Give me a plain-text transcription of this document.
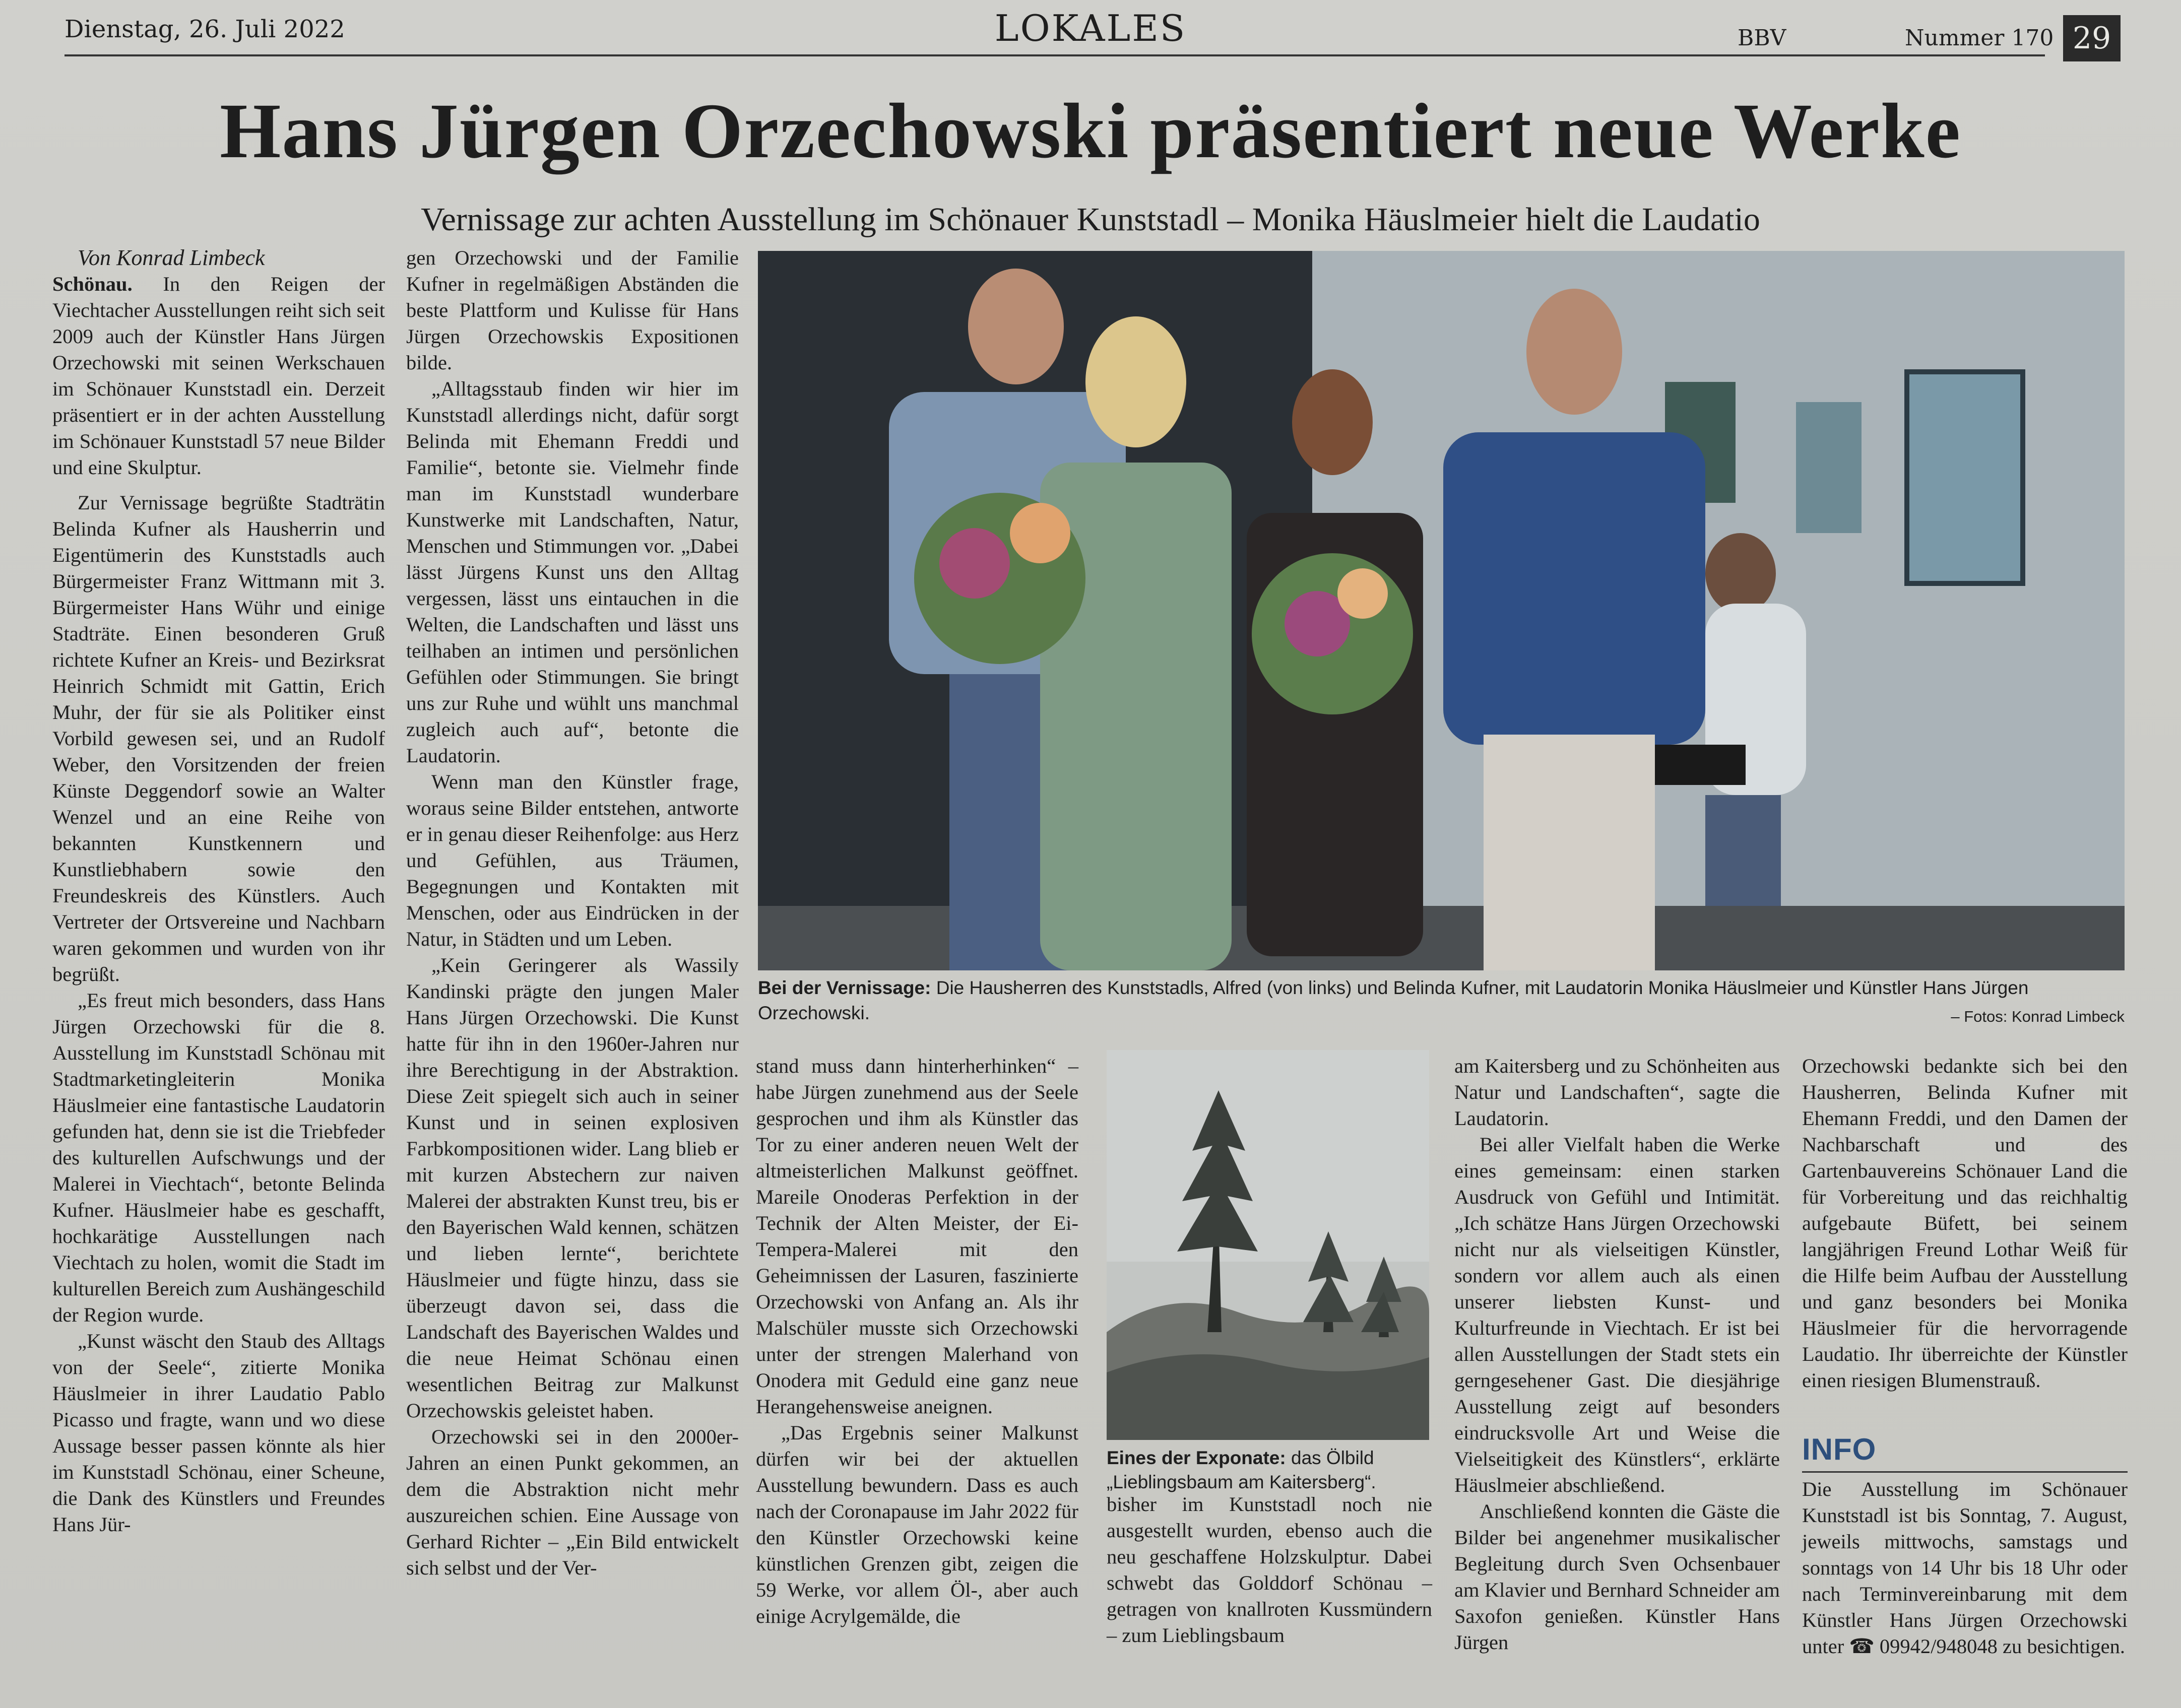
Dienstag, 26. Juli 2022	LOKALES	BBV	Nummer 170 29
Hans Jürgen Orzechowski präsentiert neue Werke
Vernissage zur achten Ausstellung im Schönauer Kunststadl – Monika Häuslmeier hielt die Laudatio

Von Konrad Limbeck

Schönau. In den Reigen der Viechtacher Ausstellungen reiht sich seit 2009 auch der Künstler Hans Jürgen Orzechowski mit seinen Werkschauen im Schönauer Kunststadl ein. Derzeit präsentiert er in der achten Ausstellung im Schönauer Kunststadl 57 neue Bilder und eine Skulptur.

Zur Vernissage begrüßte Stadträtin Belinda Kufner als Hausherrin und Eigentümerin des Kunststadls auch Bürgermeister Franz Wittmann mit 3. Bürgermeister Hans Wühr und einige Stadträte. Einen besonderen Gruß richtete Kufner an Kreis- und Bezirksrat Heinrich Schmidt mit Gattin, Erich Muhr, der für sie als Politiker einst Vorbild gewesen sei, und an Rudolf Weber, den Vorsitzenden der freien Künste Deggendorf sowie an Walter Wenzel und an eine Reihe von bekannten Kunstkennern und Kunstliebhabern sowie den Freundeskreis des Künstlers. Auch Vertreter der Ortsvereine und Nachbarn waren gekommen und wurden von ihr begrüßt.

„Es freut mich besonders, dass Hans Jürgen Orzechowski für die 8. Ausstellung im Kunststadl Schönau mit Stadtmarketingleiterin Monika Häuslmeier eine fantastische Laudatorin gefunden hat, denn sie ist die Triebfeder des kulturellen Aufschwungs und der Malerei in Viechtach“, betonte Belinda Kufner. Häuslmeier habe es geschafft, hochkarätige Ausstellungen nach Viechtach zu holen, womit die Stadt im kulturellen Bereich zum Aushängeschild der Region wurde.

„Kunst wäscht den Staub des Alltags von der Seele“, zitierte Monika Häuslmeier in ihrer Laudatio Pablo Picasso und fragte, wann und wo diese Aussage besser passen könnte als hier im Kunststadl Schönau, einer Scheune, die Dank des Künstlers und Freundes Hans Jür-

gen Orzechowski und der Familie Kufner in regelmäßigen Abständen die beste Plattform und Kulisse für Hans Jürgen Orzechowskis Expositionen bilde.

„Alltagsstaub finden wir hier im Kunststadl allerdings nicht, dafür sorgt Belinda mit Ehemann Freddi und Familie“, betonte sie. Vielmehr finde man im Kunststadl wunderbare Kunstwerke mit Landschaften, Natur, Menschen und Stimmungen vor. „Dabei lässt Jürgens Kunst uns den Alltag vergessen, lässt uns eintauchen in die Welten, die Landschaften und lässt uns teilhaben an intimen und persönlichen Gefühlen oder Stimmungen. Sie bringt uns zur Ruhe und wühlt uns manchmal zugleich auch auf“, betonte die Laudatorin.

Wenn man den Künstler frage, woraus seine Bilder entstehen, antworte er in genau dieser Reihenfolge: aus Herz und Gefühlen, aus Träumen, Begegnungen und Kontakten mit Menschen, oder aus Eindrücken in der Natur, in Städten und um Leben.

„Kein Geringerer als Wassily Kandinski prägte den jungen Maler Hans Jürgen Orzechowski. Die Kunst hatte für ihn in den 1960er-Jahren nur ihre Berechtigung in der Abstraktion. Diese Zeit spiegelt sich auch in seiner Kunst und in seinen explosiven Farbkompositionen wider. Lang blieb er mit kurzen Abstechern zur naiven Malerei der abstrakten Kunst treu, bis er den Bayerischen Wald kennen, schätzen und lieben lernte“, berichtete Häuslmeier und fügte hinzu, dass sie überzeugt davon sei, dass die Landschaft des Bayerischen Waldes und die neue Heimat Schönau einen wesentlichen Beitrag zur Malkunst Orzechowskis geleistet haben.

Orzechowski sei in den 2000er-Jahren an einen Punkt gekommen, an dem die Abstraktion nicht mehr auszureichen schien. Eine Aussage von Gerhard Richter – „Ein Bild entwickelt sich selbst und der Ver-

Bei der Vernissage: Die Hausherren des Kunststadls, Alfred (von links) und Belinda Kufner, mit Laudatorin Monika Häuslmeier und Künstler Hans Jürgen Orzechowski.	– Fotos: Konrad Limbeck

stand muss dann hinterherhinken“ – habe Jürgen zunehmend aus der Seele gesprochen und ihm als Künstler das Tor zu einer anderen neuen Welt der altmeisterlichen Malkunst geöffnet. Mareile Onoderas Perfektion in der Technik der Alten Meister, der Ei-Tempera-Malerei mit den Geheimnissen der Lasuren, faszinierte Orzechowski von Anfang an. Als ihr Malschüler musste sich Orzechowski unter der strengen Malerhand von Onodera mit Geduld eine ganz neue Herangehensweise aneignen.

„Das Ergebnis seiner Malkunst dürfen wir bei der aktuellen Ausstellung bewundern. Dass es auch nach der Coronapause im Jahr 2022 für den Künstler Orzechowski keine künstlichen Grenzen gibt, zeigen die 59 Werke, vor allem Öl-, aber auch einige Acrylgemälde, die

Eines der Exponate: das Ölbild „Lieblingsbaum am Kaitersberg“.

bisher im Kunststadl noch nie ausgestellt wurden, ebenso auch die neu geschaffene Holzskulptur. Dabei schwebt das Golddorf Schönau – getragen von knallroten Kussmündern – zum Lieblingsbaum

am Kaitersberg und zu Schönheiten aus Natur und Landschaften“, sagte die Laudatorin.

Bei aller Vielfalt haben die Werke eines gemeinsam: einen starken Ausdruck von Gefühl und Intimität. „Ich schätze Hans Jürgen Orzechowski nicht nur als vielseitigen Künstler, sondern vor allem auch als einen unserer liebsten Kunst- und Kulturfreunde in Viechtach. Er ist bei allen Ausstellungen der Stadt stets ein gerngesehener Gast. Die diesjährige Ausstellung zeigt auf besonders eindrucksvolle Art und Weise die Vielseitigkeit des Künstlers“, erklärte Häuslmeier abschließend.

Anschließend konnten die Gäste die Bilder bei angenehmer musikalischer Begleitung durch Sven Ochsenbauer am Klavier und Bernhard Schneider am Saxofon genießen. Künstler Hans Jürgen

Orzechowski bedankte sich bei den Hausherren, Belinda Kufner mit Ehemann Freddi, und den Damen der Nachbarschaft und des Gartenbauvereins Schönauer Land die für Vorbereitung und das reichhaltig aufgebaute Büfett, bei seinem langjährigen Freund Lothar Weiß für die Hilfe beim Aufbau der Ausstellung und ganz besonders bei Monika Häuslmeier für die hervorragende Laudatio. Ihr überreichte der Künstler einen riesigen Blumenstrauß.

INFO
Die Ausstellung im Schönauer Kunststadl ist bis Sonntag, 7. August, jeweils mittwochs, samstags und sonntags von 14 Uhr bis 18 Uhr oder nach Terminvereinbarung mit dem Künstler Hans Jürgen Orzechowski unter ☎ 09942/948048 zu besichtigen.
